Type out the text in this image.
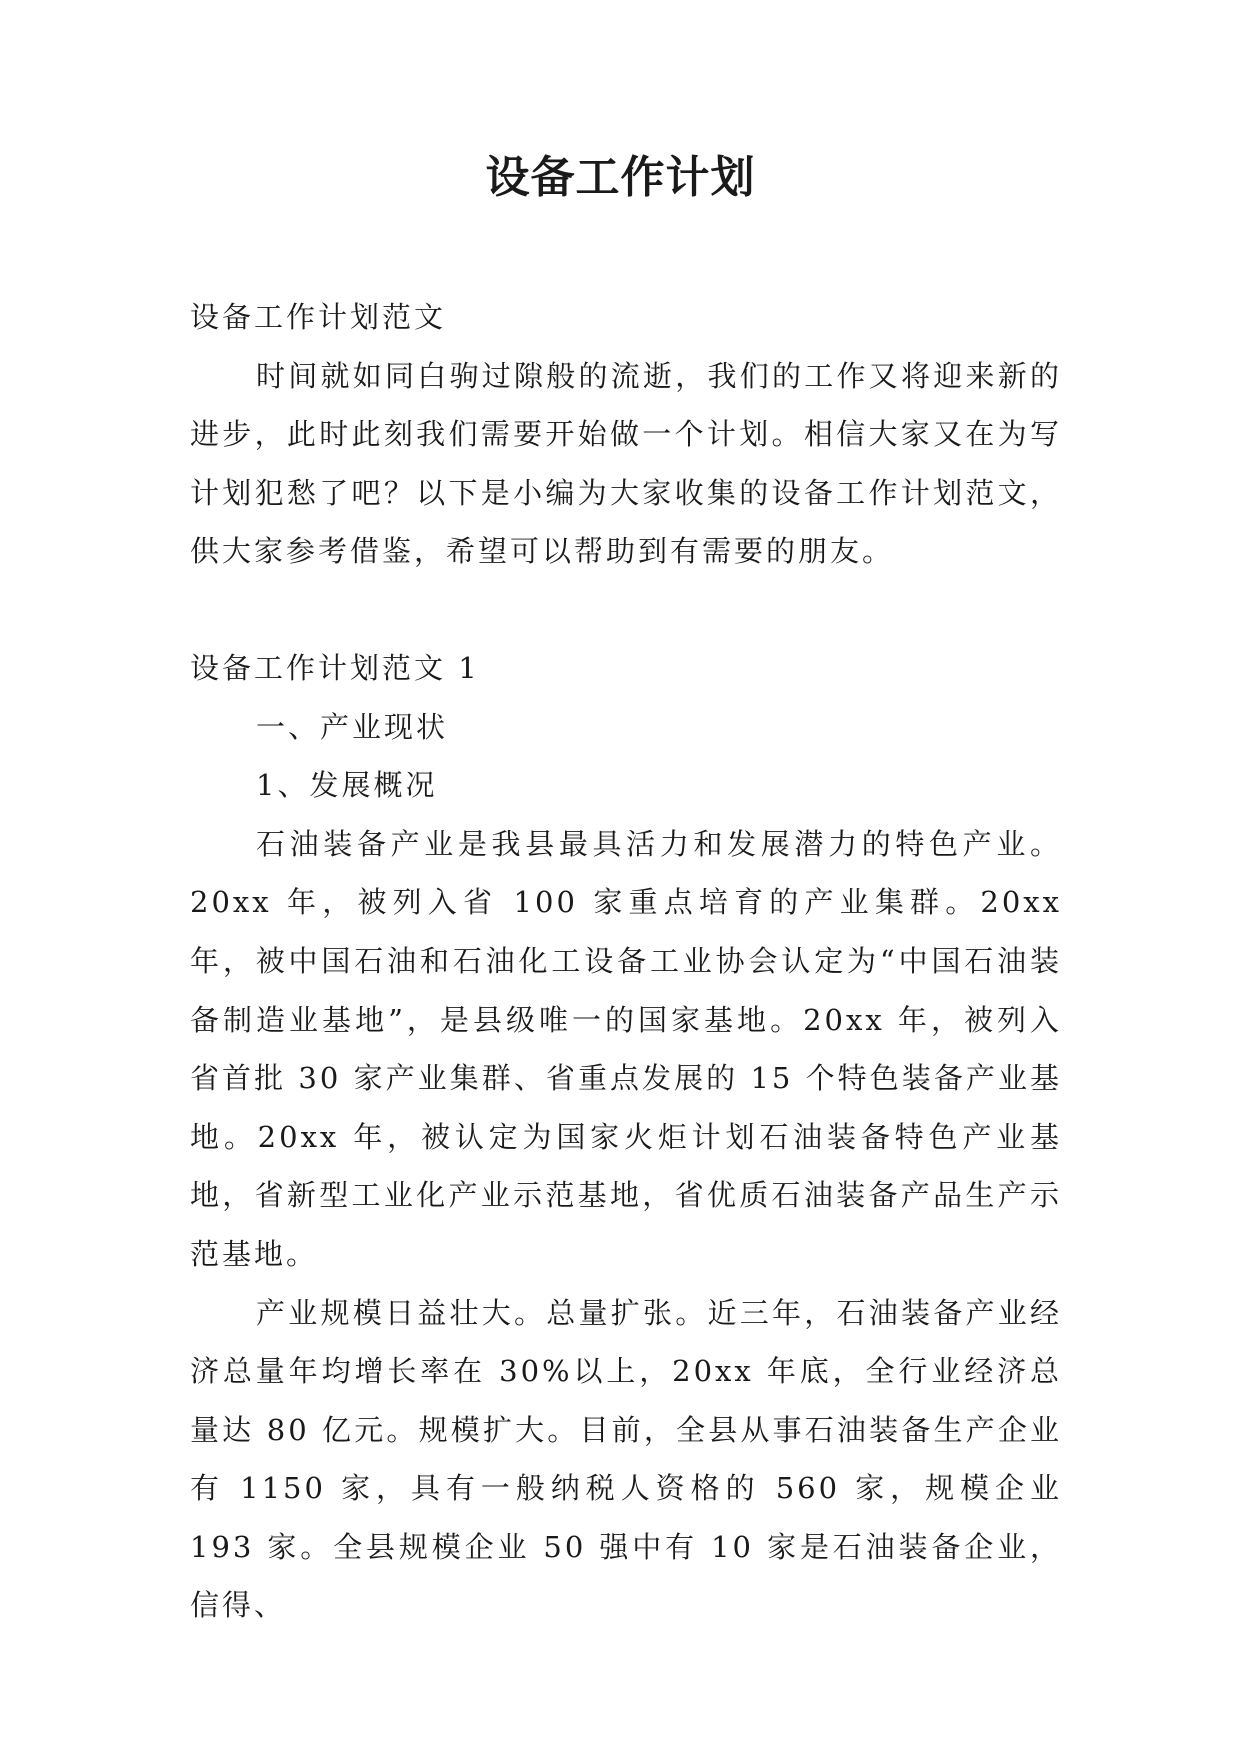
设备工作计划

设备工作计划范文

时间就如同白驹过隙般的流逝，我们的工作又将迎来新的进步，此时此刻我们需要开始做一个计划。相信大家又在为写计划犯愁了吧？以下是小编为大家收集的设备工作计划范文，供大家参考借鉴，希望可以帮助到有需要的朋友。

设备工作计划范文 1

一、产业现状

1、发展概况

石油装备产业是我县最具活力和发展潜力的特色产业。20xx 年，被列入省 100 家重点培育的产业集群。20xx 年，被中国石油和石油化工设备工业协会认定为“中国石油装备制造业基地”，是县级唯一的国家基地。20xx 年，被列入省首批 30 家产业集群、省重点发展的 15 个特色装备产业基地。20xx 年，被认定为国家火炬计划石油装备特色产业基地，省新型工业化产业示范基地，省优质石油装备产品生产示范基地。

产业规模日益壮大。总量扩张。近三年，石油装备产业经济总量年均增长率在 30%以上，20xx 年底，全行业经济总量达 80 亿元。规模扩大。目前，全县从事石油装备生产企业有 1150 家，具有一般纳税人资格的 560 家，规模企业 193 家。全县规模企业 50 强中有 10 家是石油装备企业，信得、
